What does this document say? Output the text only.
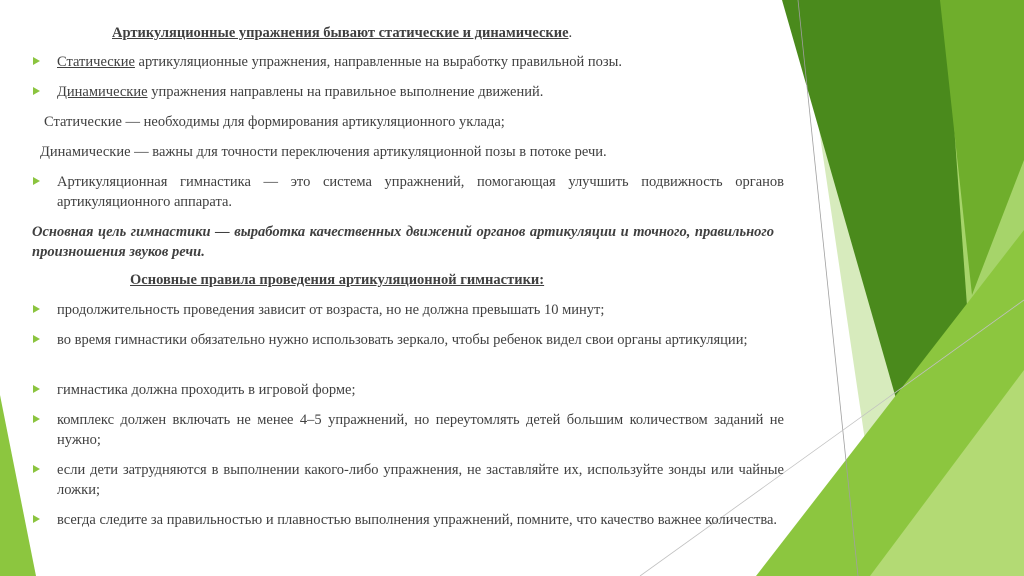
Артикуляционные упражнения бывают статические и динамические.
Статические артикуляционные упражнения, направленные на выработку правильной позы.
Динамические упражнения направлены на правильное выполнение движений.
Статические — необходимы для формирования артикуляционного уклада;
Динамические — важны для точности переключения артикуляционной позы в потоке речи.
Артикуляционная гимнастика — это система упражнений, помогающая улучшить подвижность органов артикуляционного аппарата.
Основная цель гимнастики — выработка качественных движений органов артикуляции и точного, правильного произношения звуков речи.
Основные правила проведения артикуляционной гимнастики:
продолжительность проведения зависит от возраста, но не должна превышать 10 минут;
во время гимнастики обязательно нужно использовать зеркало, чтобы ребенок видел свои органы артикуляции;
гимнастика должна проходить в игровой форме;
комплекс должен включать не менее 4–5 упражнений, но переутомлять детей большим количеством заданий не нужно;
если дети затрудняются в выполнении какого-либо упражнения, не заставляйте их, используйте зонды или чайные ложки;
всегда следите за правильностью и плавностью выполнения упражнений, помните, что качество важнее количества.
